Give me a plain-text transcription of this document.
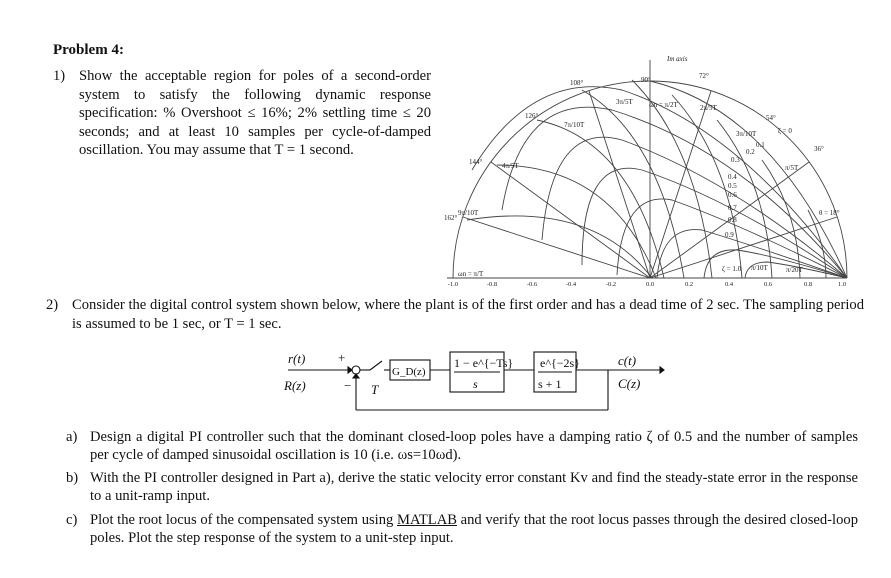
Problem 4:
1) Show the acceptable region for poles of a second-order system to satisfy the following dynamic response specification: % Overshoot ≤ 16%; 2% settling time ≤ 20 seconds; and at least 10 samples per cycle-of-damped oscillation. You may assume that T = 1 second.
Im axis
90°	72°
54°
36°
θ = 18°
108°
126°
144°
162°
ζ = 0
0.1
0.2
0.3
0.4
0.5
0.6
0.7
0.8
0.9
ζ = 1.0
3π/5T ωn = π/2T	2π/5T
3π/10T
π/5T
π/10T	π/20T
7π/10T
4π/5T
9π/10T
ωn = π/T
-1.0	-0.8	-0.6	-0.4	-0.2	0.0	0.2	0.4	0.6	0.8	1.0
2) Consider the digital control system shown below, where the plant is of the first order and has a dead time of 2 sec. The sampling period is assumed to be 1 sec, or T = 1 sec.
r(t)	+
R(z)	− T
G_D(z)
1 − e^{−Ts}
s
e^{−2s}
s + 1
c(t)
C(z)
a) Design a digital PI controller such that the dominant closed-loop poles have a damping ratio ζ of 0.5 and the number of samples per cycle of damped sinusoidal oscillation is 10 (i.e. ωs=10ωd).
b) With the PI controller designed in Part a), derive the static velocity error constant Kv and find the steady-state error in the response to a unit-ramp input.
c) Plot the root locus of the compensated system using MATLAB and verify that the root locus passes through the desired closed-loop poles. Plot the step response of the system to a unit-step input.
